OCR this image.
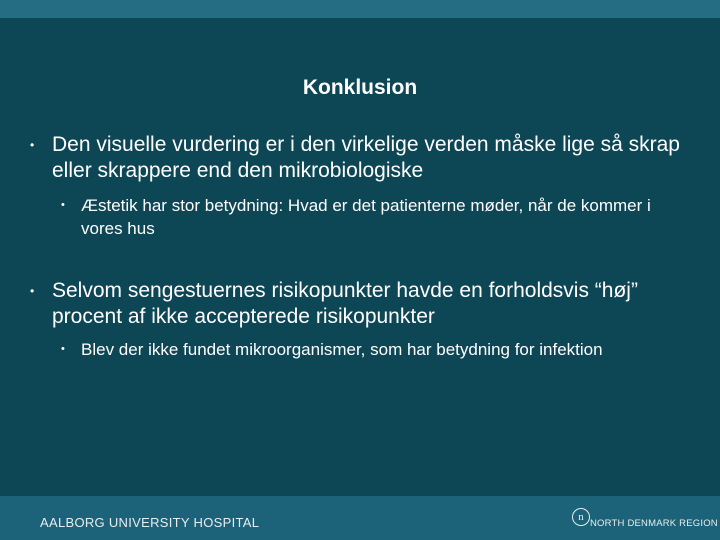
Konklusion
• Den visuelle vurdering er i den virkelige verden måske lige så skrap eller skrappere end den mikrobiologiske
• Æstetik har stor betydning: Hvad er det patienterne møder, når de kommer i vores hus
• Selvom sengestuernes risikopunkter havde en forholdsvis “høj” procent af ikke accepterede risikopunkter
• Blev der ikke fundet mikroorganismer, som har betydning for infektion
AALBORG UNIVERSITY HOSPITAL	n
NORTH DENMARK REGION
